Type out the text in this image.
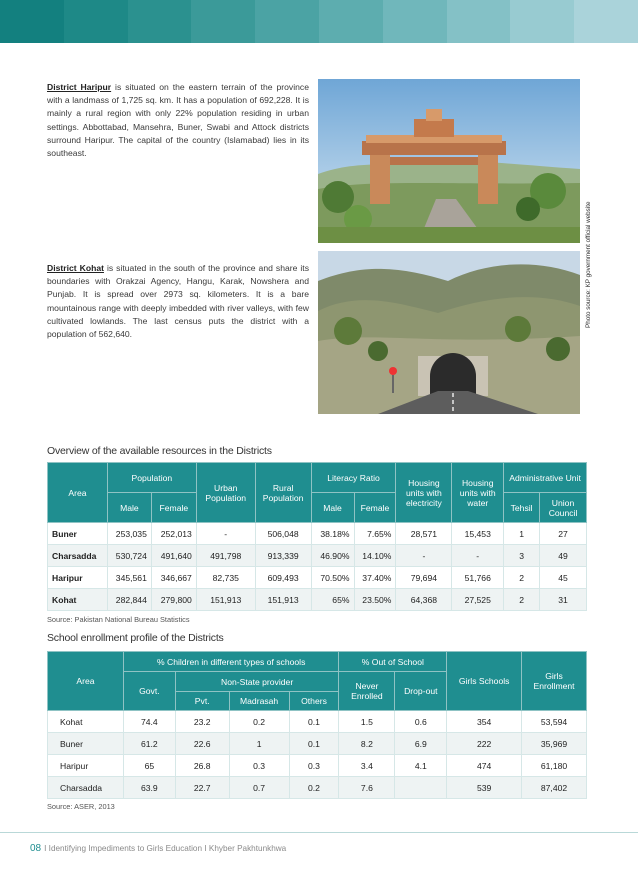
District Haripur is situated on the eastern terrain of the province with a landmass of 1,725 sq. km. It has a population of 692,228. It is mainly a rural region with only 22% population residing in urban settings. Abbottabad, Mansehra, Buner, Swabi and Attock districts surround Haripur. The capital of the country (Islamabad) lies in its southeast.
Photo source: KP government official website
District Kohat is situated in the south of the province and share its boundaries with Orakzai Agency, Hangu, Karak, Nowshera and Punjab. It is spread over 2973 sq. kilometers. It is a bare mountainous range with deeply imbedded with river valleys, with few cultivated lowlands. The last census puts the district with a population of 562,640.
Overview of the available resources in the Districts
Area	Population		Urban Population	Rural Population	Literacy Ratio		Housing units with electricity	Housing units with water	Administrative Unit	
	Male	Female			Male	Female			Tehsil	Union Council
Buner	253,035	252,013	-	506,048	38.18%	7.65%	28,571	15,453	1	27
Charsadda	530,724	491,640	491,798	913,339	46.90%	14.10%	-	-	3	49
Haripur	345,561	346,667	82,735	609,493	70.50%	37.40%	79,694	51,766	2	45
Kohat	282,844	279,800	151,913	151,913	65%	23.50%	64,368	27,525	2	31
Source: Pakistan National Bureau Statistics
School enrollment profile of the Districts
Area	% Children in different types of schools				% Out of School		Girls Schools	Girls Enrollment
	Govt.	Non-State provider			Never Enrolled	Drop-out		
		Pvt.	Madrasah	Others				
Kohat	74.4	23.2	0.2	0.1	1.5	0.6	354	53,594
Buner	61.2	22.6	1	0.1	8.2	6.9	222	35,969
Haripur	65	26.8	0.3	0.3	3.4	4.1	474	61,180
Charsadda	63.9	22.7	0.7	0.2	7.6		539	87,402
Source: ASER, 2013
08 I Identifying Impediments to Girls Education I Khyber Pakhtunkhwa
